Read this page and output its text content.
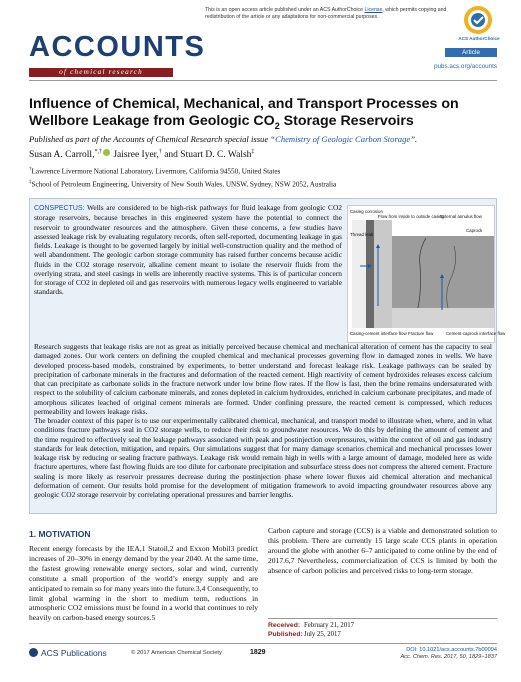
This is an open access article published under an ACS AuthorChoice License, which permits copying and redistribution of the article or any adaptations for non-commercial purposes.
ACS AuthorChoice
ACCOUNTS
of chemical research
Article
pubs.acs.org/accounts
Influence of Chemical, Mechanical, and Transport Processes on
Wellbore Leakage from Geologic $CO_2$ Storage Reservoirs
Published as part of the Accounts of Chemical Research special issue “Chemistry of Geologic Carbon Storage”.
Susan A. Carroll,*,† Jaisree Iyer,† and Stuart D. C. Walsh‡
†Lawrence Livermore National Laboratory, Livermore, California 94550, United States
‡School of Petroleum Engineering, University of New South Wales, UNSW, Sydney, NSW 2052, Australia
CONSPECTUS: Wells are considered to be high-risk pathways for fluid leakage from geologic CO2 storage reservoirs, because breaches in this engineered system have the potential to connect the reservoir to groundwater resources and the atmosphere. Given these concerns, a few studies have assessed leakage risk by evaluating regulatory records, often self-reported, documenting leakage in gas fields. Leakage is thought to be governed largely by initial well-construction quality and the method of well abandonment. The geologic carbon storage community has raised further concerns because acidic fluids in the CO2 storage reservoir, alkaline cement meant to isolate the reservoir fluids from the overlying strata, and steel casings in wells are inherently reactive systems. This is of particular concern for storage of CO2 in depleted oil and gas reservoirs with numerous legacy wells engineered to variable standards.
Casing corrosion
Flow from inside to outside casing
External annulus flow
Thread leak
Caprock
Casing-cement interface flow Fracture flow	Cement-caprock interface flow
Research suggests that leakage risks are not as great as initially perceived because chemical and mechanical alteration of cement has the capacity to seal damaged zones. Our work centers on defining the coupled chemical and mechanical processes governing flow in damaged zones in wells. We have developed process-based models, constrained by experiments, to better understand and forecast leakage risk. Leakage pathways can be sealed by precipitation of carbonate minerals in the fractures and deformation of the reacted cement. High reactivity of cement hydroxides releases excess calcium that can precipitate as carbonate solids in the fracture network under low brine flow rates. If the flow is fast, then the brine remains undersaturated with respect to the solubility of calcium carbonate minerals, and zones depleted in calcium hydroxides, enriched in calcium carbonate precipitates, and made of amorphous silicates leached of original cement minerals are formed. Under confining pressure, the reacted cement is compressed, which reduces permeability and lowers leakage risks.
The broader context of this paper is to use our experimentally calibrated chemical, mechanical, and transport model to illustrate when, where, and in what conditions fracture pathways seal in CO2 storage wells, to reduce their risk to groundwater resources. We do this by defining the amount of cement and the time required to effectively seal the leakage pathways associated with peak and postinjection overpressures, within the context of oil and gas industry standards for leak detection, mitigation, and repairs. Our simulations suggest that for many damage scenarios chemical and mechanical processes lower leakage risk by reducing or sealing fracture pathways. Leakage risk would remain high in wells with a large amount of damage, modeled here as wide fracture apertures, where fast flowing fluids are too dilute for carbonate precipitation and subsurface stress does not compress the altered cement. Fracture sealing is more likely as reservoir pressures decrease during the postinjection phase where lower fluxes aid chemical alteration and mechanical deformation of cement. Our results hold promise for the development of mitigation framework to avoid impacting groundwater resources above any geologic CO2 storage reservoir by correlating operational pressures and barrier lengths.
1. MOTIVATION
Recent energy forecasts by the IEA,1 Statoil,2 and Exxon Mobil3 predict increases of 20–30% in energy demand by the year 2040. At the same time, the fastest growing renewable energy sectors, solar and wind, currently constitute a small proportion of the world’s energy supply and are anticipated to remain so for many years into the future.3,4 Consequently, to limit global warming in the short to medium term, reductions in atmospheric CO2 emissions must be found in a world that continues to rely heavily on carbon-based energy sources.5
Carbon capture and storage (CCS) is a viable and demonstrated solution to this problem. There are currently 15 large scale CCS plants in operation around the globe with another 6–7 anticipated to come online by the end of 2017.6,7 Nevertheless, commercialization of CCS is limited by both the absence of carbon policies and perceived risks to long-term storage.
Received: February 21, 2017
Published:July 25, 2017
ACS Publications	© 2017 American Chemical Society	1829	DOI: 10.1021/acs.accounts.7b00094
Acc. Chem. Res. 2017, 50, 1829−1837
